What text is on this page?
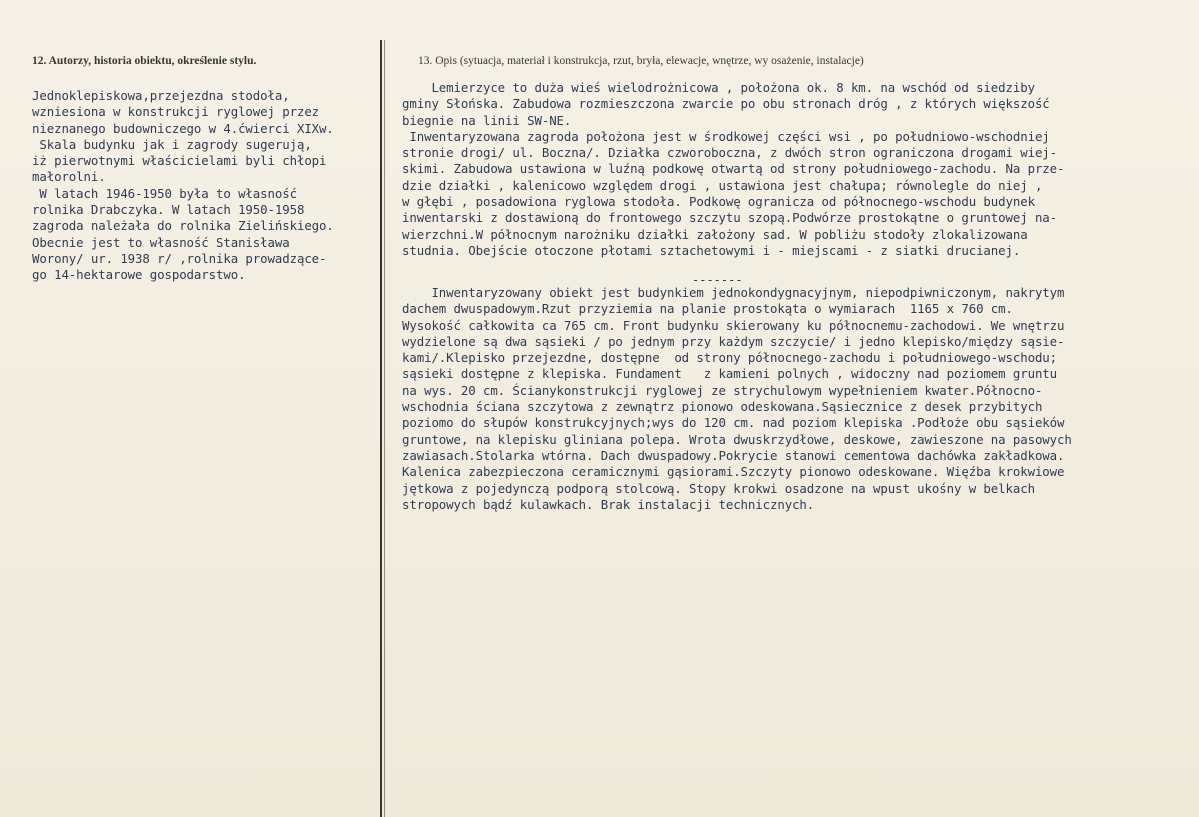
12. Autorzy, historia obiektu, określenie stylu.	13. Opis (sytuacja, materiał i konstrukcja, rzut, bryła, elewacje, wnętrze, wy osażenie, instalacje)
Jednoklepiskowa,przejezdna stodoła,
wzniesiona w konstrukcji ryglowej przez
nieznanego budowniczego w 4.ćwierci XIXw.
Skala budynku jak i zagrody sugerują,
iż pierwotnymi właścicielami byli chłopi
małorolni.
W latach 1946-1950 była to własność
rolnika Drabczyka. W latach 1950-1958
zagroda należała do rolnika Zielińskiego.
Obecnie jest to własność Stanisława
Worony/ ur. 1938 r/ ,rolnika prowadzące-
go 14-hektarowe gospodarstwo.
Lemierzyce to duża wieś wielodrożnicowa , położona ok. 8 km. na wschód od siedziby
gminy Słońska. Zabudowa rozmieszczona zwarcie po obu stronach dróg , z których większość
biegnie na linii SW-NE.
Inwentaryzowana zagroda położona jest w środkowej części wsi , po południowo-wschodniej
stronie drogi/ ul. Boczna/. Działka czworoboczna, z dwóch stron ograniczona drogami wiej-
skimi. Zabudowa ustawiona w luźną podkowę otwartą od strony południowego-zachodu. Na prze-
dzie działki , kalenicowo względem drogi , ustawiona jest chałupa; równolegle do niej ,
w głębi , posadowiona ryglowa stodoła. Podkowę ogranicza od północnego-wschodu budynek
inwentarski z dostawioną do frontowego szczytu szopą.Podwórze prostokątne o gruntowej na-
wierzchni.W północnym narożniku działki założony sad. W pobliżu stodoły zlokalizowana
studnia. Obejście otoczone płotami sztachetowymi i - miejscami - z siatki drucianej.
-------
Inwentaryzowany obiekt jest budynkiem jednokondygnacyjnym, niepodpiwniczonym, nakrytym
dachem dwuspadowym.Rzut przyziemia na planie prostokąta o wymiarach  1165 x 760 cm.
Wysokość całkowita ca 765 cm. Front budynku skierowany ku północnemu-zachodowi. We wnętrzu
wydzielone są dwa sąsieki / po jednym przy każdym szczycie/ i jedno klepisko/między sąsie-
kami/.Klepisko przejezdne, dostępne  od strony północnego-zachodu i południowego-wschodu;
sąsieki dostępne z klepiska. Fundament   z kamieni polnych , widoczny nad poziomem gruntu
na wys. 20 cm. Ścianykonstrukcji ryglowej ze strychulowym wypełnieniem kwater.Północno-
wschodnia ściana szczytowa z zewnątrz pionowo odeskowana.Sąsiecznice z desek przybitych
poziomo do słupów konstrukcyjnych;wys do 120 cm. nad poziom klepiska .Podłoże obu sąsieków
gruntowe, na klepisku gliniana polepa. Wrota dwuskrzydłowe, deskowe, zawieszone na pasowych
zawiasach.Stolarka wtórna. Dach dwuspadowy.Pokrycie stanowi cementowa dachówka zakładkowa.
Kalenica zabezpieczona ceramicznymi gąsiorami.Szczyty pionowo odeskowane. Więźba krokwiowe
jętkowa z pojedynczą podporą stolcową. Stopy krokwi osadzone na wpust ukośny w belkach
stropowych bądź kulawkach. Brak instalacji technicznych.
